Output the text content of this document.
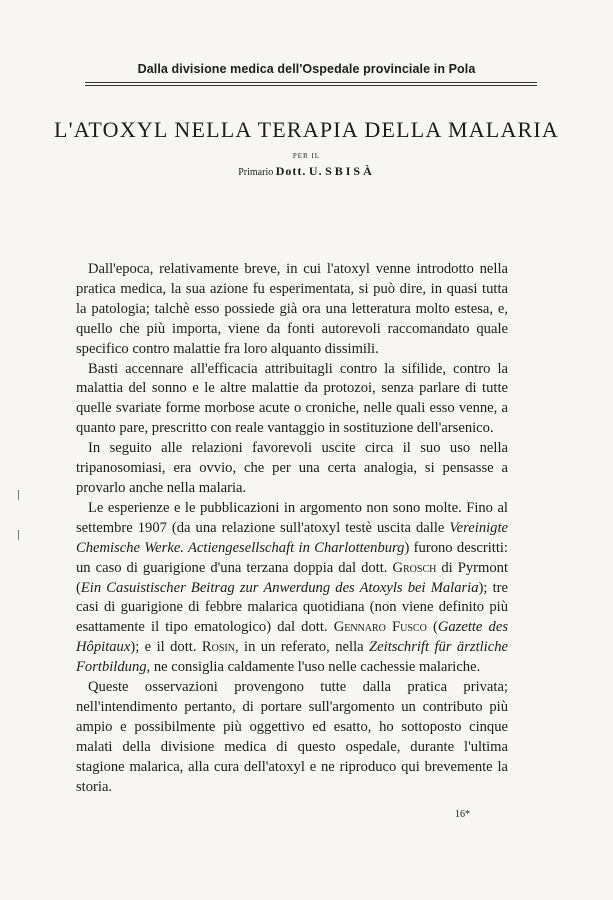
Dalla divisione medica dell'Ospedale provinciale in Pola
L'ATOXYL NELLA TERAPIA DELLA MALARIA
PER IL
Primario Dott. U. SBISÀ

Dall'epoca, relativamente breve, in cui l'atoxyl venne introdotto nella pratica medica, la sua azione fu esperimentata, si può dire, in quasi tutta la patologia; talchè esso possiede già ora una letteratura molto estesa, e, quello che più importa, viene da fonti autorevoli raccomandato quale specifico contro malattie fra loro alquanto dissimili.

Basti accennare all'efficacia attribuitagli contro la sifilide, contro la malattia del sonno e le altre malattie da protozoi, senza parlare di tutte quelle svariate forme morbose acute o croniche, nelle quali esso venne, a quanto pare, prescritto con reale vantaggio in sostituzione dell'arsenico.

In seguito alle relazioni favorevoli uscite circa il suo uso nella tripanosomiasi, era ovvio, che per una certa analogia, si pensasse a provarlo anche nella malaria.

Le esperienze e le pubblicazioni in argomento non sono molte. Fino al settembre 1907 (da una relazione sull'atoxyl testè uscita dalle Vereinigte Chemische Werke. Actiengesellschaft in Charlottenburg) furono descritti: un caso di guarigione d'una terzana doppia dal dott. Grosch di Pyrmont (Ein Casuistischer Beitrag zur Anwerdung des Atoxyls bei Malaria); tre casi di guarigione di febbre malarica quotidiana (non viene definito più esattamente il tipo ematologico) dal dott. Gennaro Fusco (Gazette des Hôpitaux); e il dott. Rosin, in un referato, nella Zeitschrift für ärztliche Fortbildung, ne consiglia caldamente l'uso nelle cachessie malariche.

Queste osservazioni provengono tutte dalla pratica privata; nell'intendimento pertanto, di portare sull'argomento un contributo più ampio e possibilmente più oggettivo ed esatto, ho sottoposto cinque malati della divisione medica di questo ospedale, durante l'ultima stagione malarica, alla cura dell'atoxyl e ne riproduco qui brevemente la storia.

16*
